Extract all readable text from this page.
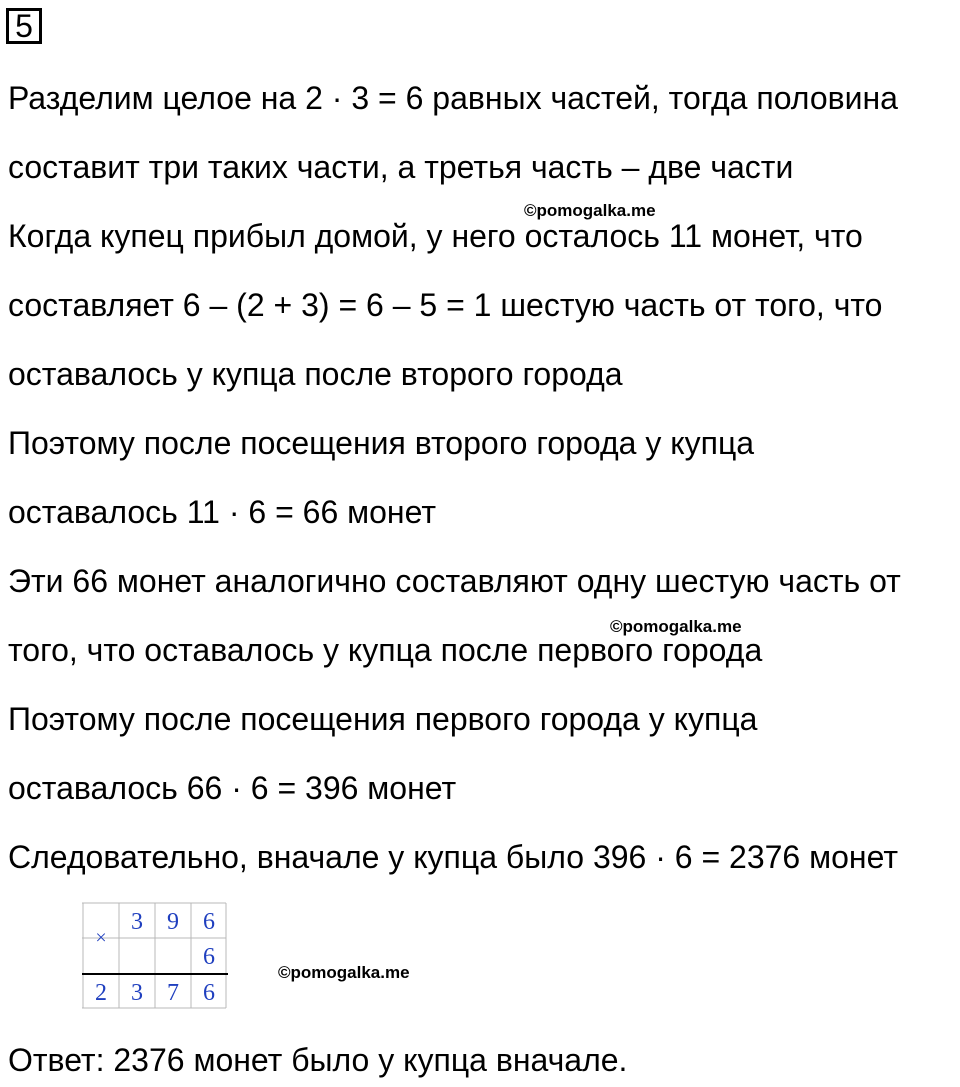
5

Разделим целое на 2 · 3 = 6 равных частей, тогда половина

составит три таких части, а третья часть – две части

©pomogalka.me

Когда купец прибыл домой, у него осталось 11 монет, что

составляет 6 – (2 + 3) = 6 – 5 = 1 шестую часть от того, что

оставалось у купца после второго города

Поэтому после посещения второго города у купца

оставалось 11 · 6 = 66 монет

Эти 66 монет аналогично составляют одну шестую часть от

©pomogalka.me

того, что оставалось у купца после первого города

Поэтому после посещения первого города у купца

оставалось 66 · 6 = 396 монет

Следовательно, вначале у купца было 396 · 6 = 2376 монет

×
3 9 6
6
2 3 7 6
©pomogalka.me

Ответ: 2376 монет было у купца вначале.
